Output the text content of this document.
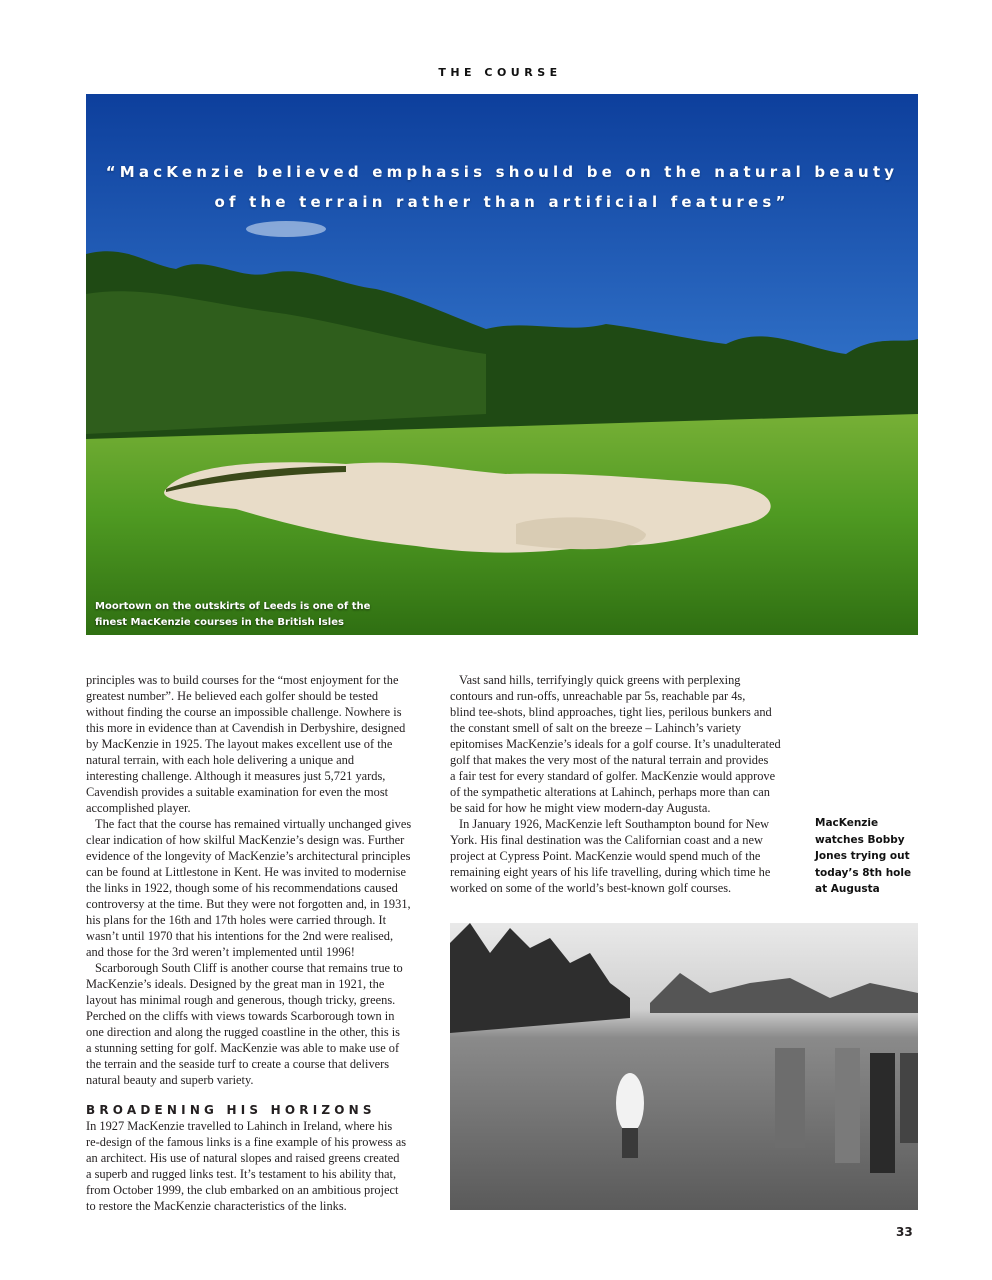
THE COURSE
“MacKenzie believed emphasis should be on the natural beauty
of the terrain rather than artificial features”
Moortown on the outskirts of Leeds is one of the
finest MacKenzie courses in the British Isles
principles was to build courses for the “most enjoyment for the
greatest number”. He believed each golfer should be tested
without finding the course an impossible challenge. Nowhere is
this more in evidence than at Cavendish in Derbyshire, designed
by MacKenzie in 1925. The layout makes excellent use of the
natural terrain, with each hole delivering a unique and
interesting challenge. Although it measures just 5,721 yards,
Cavendish provides a suitable examination for even the most
accomplished player.
The fact that the course has remained virtually unchanged gives
clear indication of how skilful MacKenzie’s design was. Further
evidence of the longevity of MacKenzie’s architectural principles
can be found at Littlestone in Kent. He was invited to modernise
the links in 1922, though some of his recommendations caused
controversy at the time. But they were not forgotten and, in 1931,
his plans for the 16th and 17th holes were carried through. It
wasn’t until 1970 that his intentions for the 2nd were realised,
and those for the 3rd weren’t implemented until 1996!
Scarborough South Cliff is another course that remains true to
MacKenzie’s ideals. Designed by the great man in 1921, the
layout has minimal rough and generous, though tricky, greens.
Perched on the cliffs with views towards Scarborough town in
one direction and along the rugged coastline in the other, this is
a stunning setting for golf. MacKenzie was able to make use of
the terrain and the seaside turf to create a course that delivers
natural beauty and superb variety.
BROADENING HIS HORIZONS
In 1927 MacKenzie travelled to Lahinch in Ireland, where his
re-design of the famous links is a fine example of his prowess as
an architect. His use of natural slopes and raised greens created
a superb and rugged links test. It’s testament to his ability that,
from October 1999, the club embarked on an ambitious project
to restore the MacKenzie characteristics of the links.
Vast sand hills, terrifyingly quick greens with perplexing
contours and run-offs, unreachable par 5s, reachable par 4s,
blind tee-shots, blind approaches, tight lies, perilous bunkers and
the constant smell of salt on the breeze – Lahinch’s variety
epitomises MacKenzie’s ideals for a golf course. It’s unadulterated
golf that makes the very most of the natural terrain and provides
a fair test for every standard of golfer. MacKenzie would approve
of the sympathetic alterations at Lahinch, perhaps more than can
be said for how he might view modern-day Augusta.
In January 1926, MacKenzie left Southampton bound for New
York. His final destination was the Californian coast and a new
project at Cypress Point. MacKenzie would spend much of the
remaining eight years of his life travelling, during which time he
worked on some of the world’s best-known golf courses.
MacKenzie
watches Bobby
Jones trying out
today’s 8th hole
at Augusta
33
